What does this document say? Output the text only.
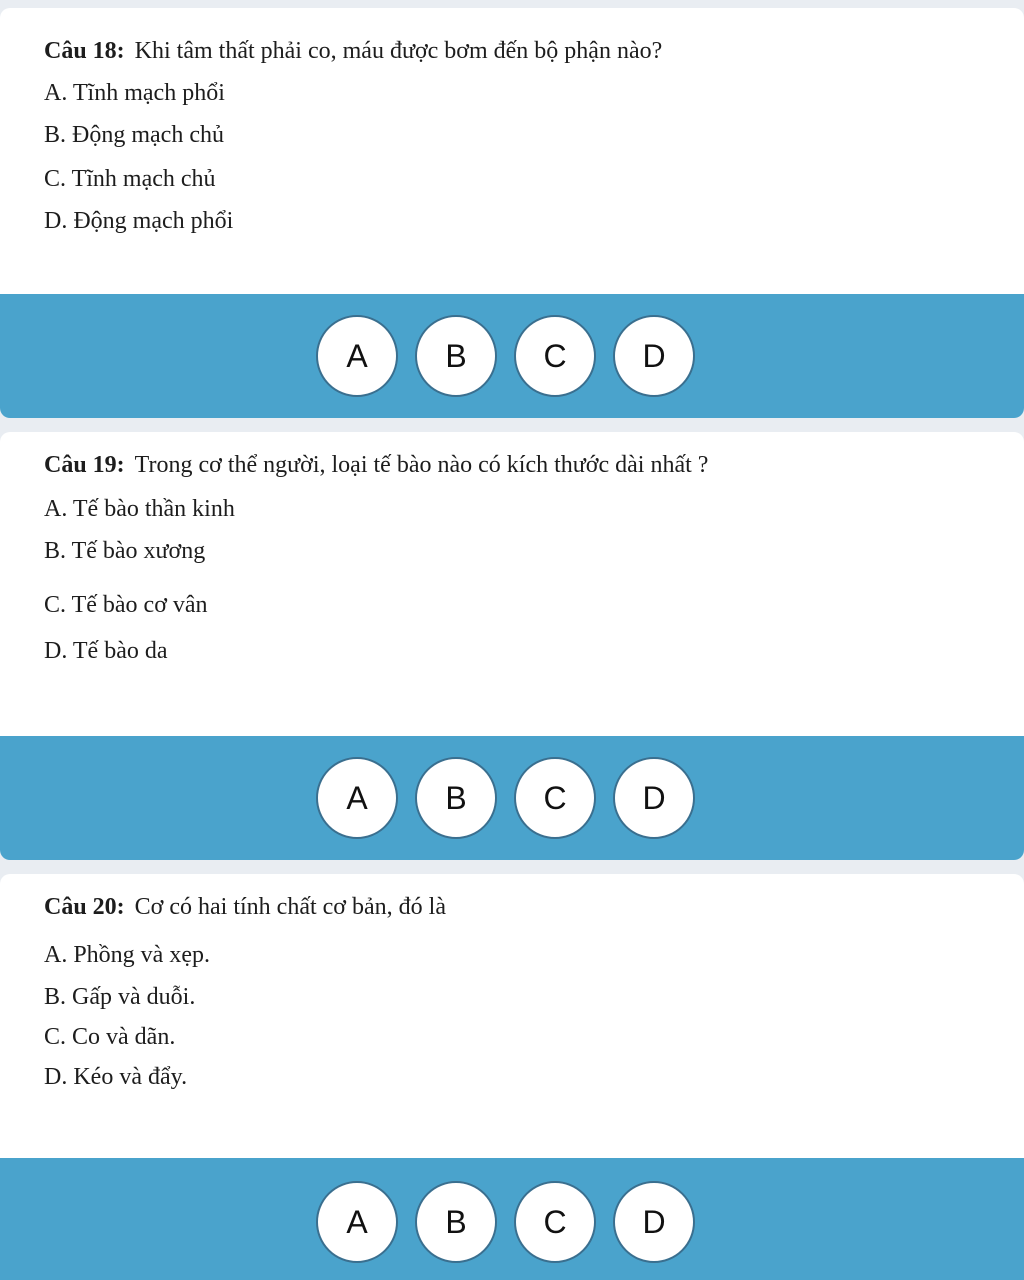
Câu 18: Khi tâm thất phải co, máu được bơm đến bộ phận nào?
A. Tĩnh mạch phổi
B. Động mạch chủ
C. Tĩnh mạch chủ
D. Động mạch phổi
A	B	C	D
Câu 19: Trong cơ thể người, loại tế bào nào có kích thước dài nhất ?
A. Tế bào thần kinh
B. Tế bào xương
C. Tế bào cơ vân
D. Tế bào da
A	B	C	D
Câu 20: Cơ có hai tính chất cơ bản, đó là
A. Phồng và xẹp.
B. Gấp và duỗi.
C. Co và dãn.
D. Kéo và đẩy.
A	B	C	D
